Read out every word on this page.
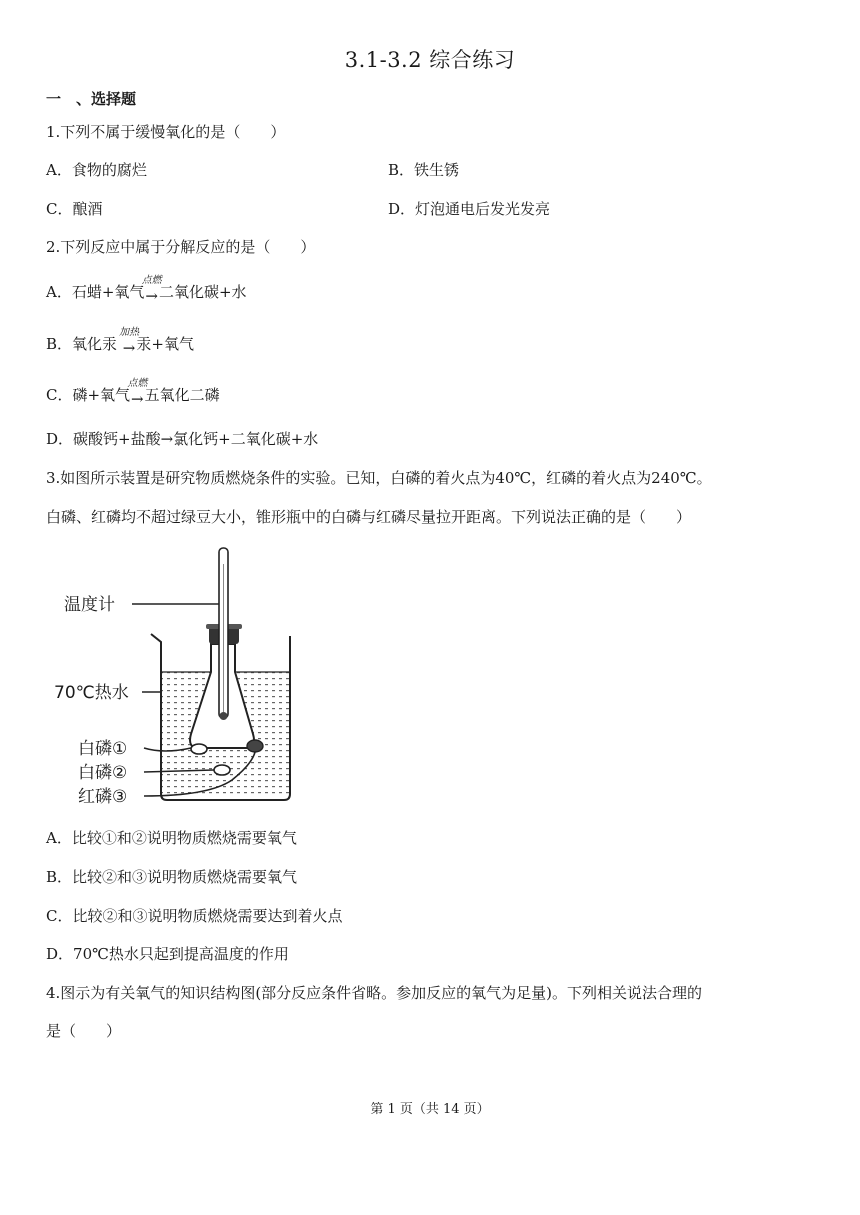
3.1-3.2 综合练习
一　、选择题
1.下列不属于缓慢氧化的是（　　）
A．食物的腐烂	B．铁生锈
C．酿酒	D．灯泡通电后发光发亮
2.下列反应中属于分解反应的是（　　）
A．石蜡+氧气
点燃
→二氧化碳+水
B．氧化汞
加热
→汞+氧气
C．磷+氧气
点燃
→五氧化二磷
D．碳酸钙+盐酸→氯化钙+二氧化碳+水
3.如图所示装置是研究物质燃烧条件的实验。已知，白磷的着火点为40℃，红磷的着火点为240℃。
白磷、红磷均不超过绿豆大小，锥形瓶中的白磷与红磷尽量拉开距离。下列说法正确的是（　　）
温度计
70℃热水
白磷①
白磷②
红磷③
A．比较①和②说明物质燃烧需要氧气
B．比较②和③说明物质燃烧需要氧气
C．比较②和③说明物质燃烧需要达到着火点
D．70℃热水只起到提高温度的作用
4.图示为有关氧气的知识结构图(部分反应条件省略。参加反应的氧气为足量)。下列相关说法合理的
是（　　）
第 1 页（共 14 页）
